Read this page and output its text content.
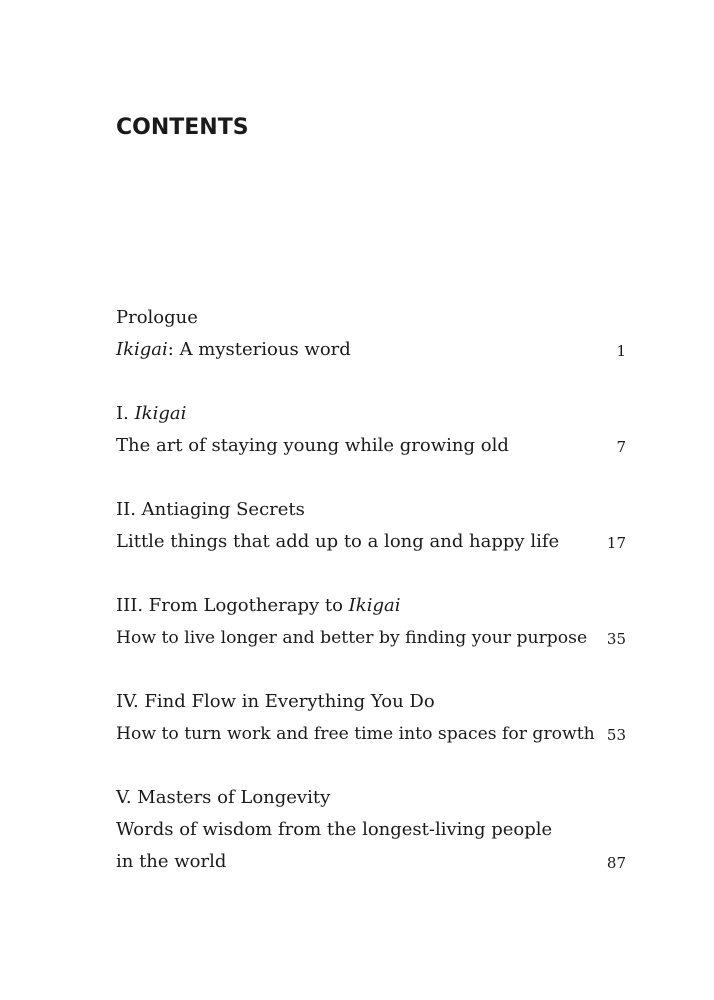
CONTENTS
Prologue
Ikigai: A mysterious word	1
I. Ikigai
The art of staying young while growing old	7
II. Antiaging Secrets
Little things that add up to a long and happy life	17
III. From Logotherapy to Ikigai
How to live longer and better by finding your purpose 35
IV. Find Flow in Everything You Do
How to turn work and free time into spaces for growth 53
V. Masters of Longevity
Words of wisdom from the longest-living people
in the world	87
